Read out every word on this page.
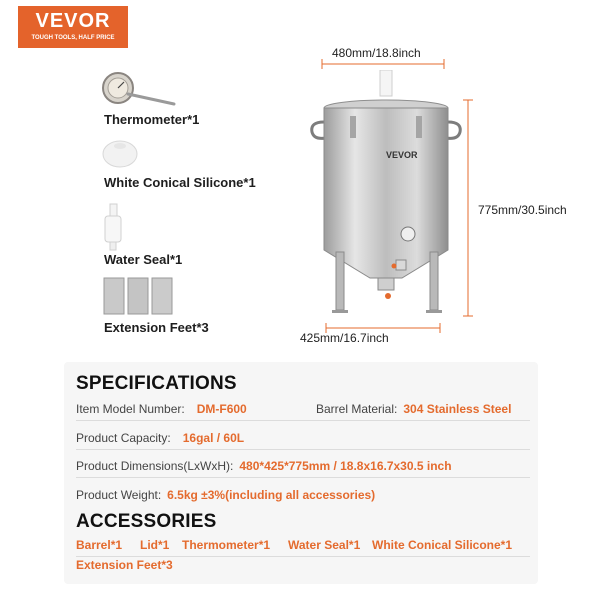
VEVOR
TOUGH TOOLS, HALF PRICE
Thermometer*1
White Conical Silicone*1
Water Seal*1
Extension Feet*3
480mm/18.8inch
775mm/30.5inch
VEVOR
425mm/16.7inch
SPECIFICATIONS
Item Model Number: DM-F600	Barrel Material: 304 Stainless Steel
Product Capacity: 16gal / 60L
Product Dimensions(LxWxH): 480*425*775mm / 18.8x16.7x30.5 inch
Product Weight: 6.5kg ±3%(including all accessories)
ACCESSORIES
Barrel*1 Lid*1 Thermometer*1 Water Seal*1 White Conical Silicone*1
Extension Feet*3
